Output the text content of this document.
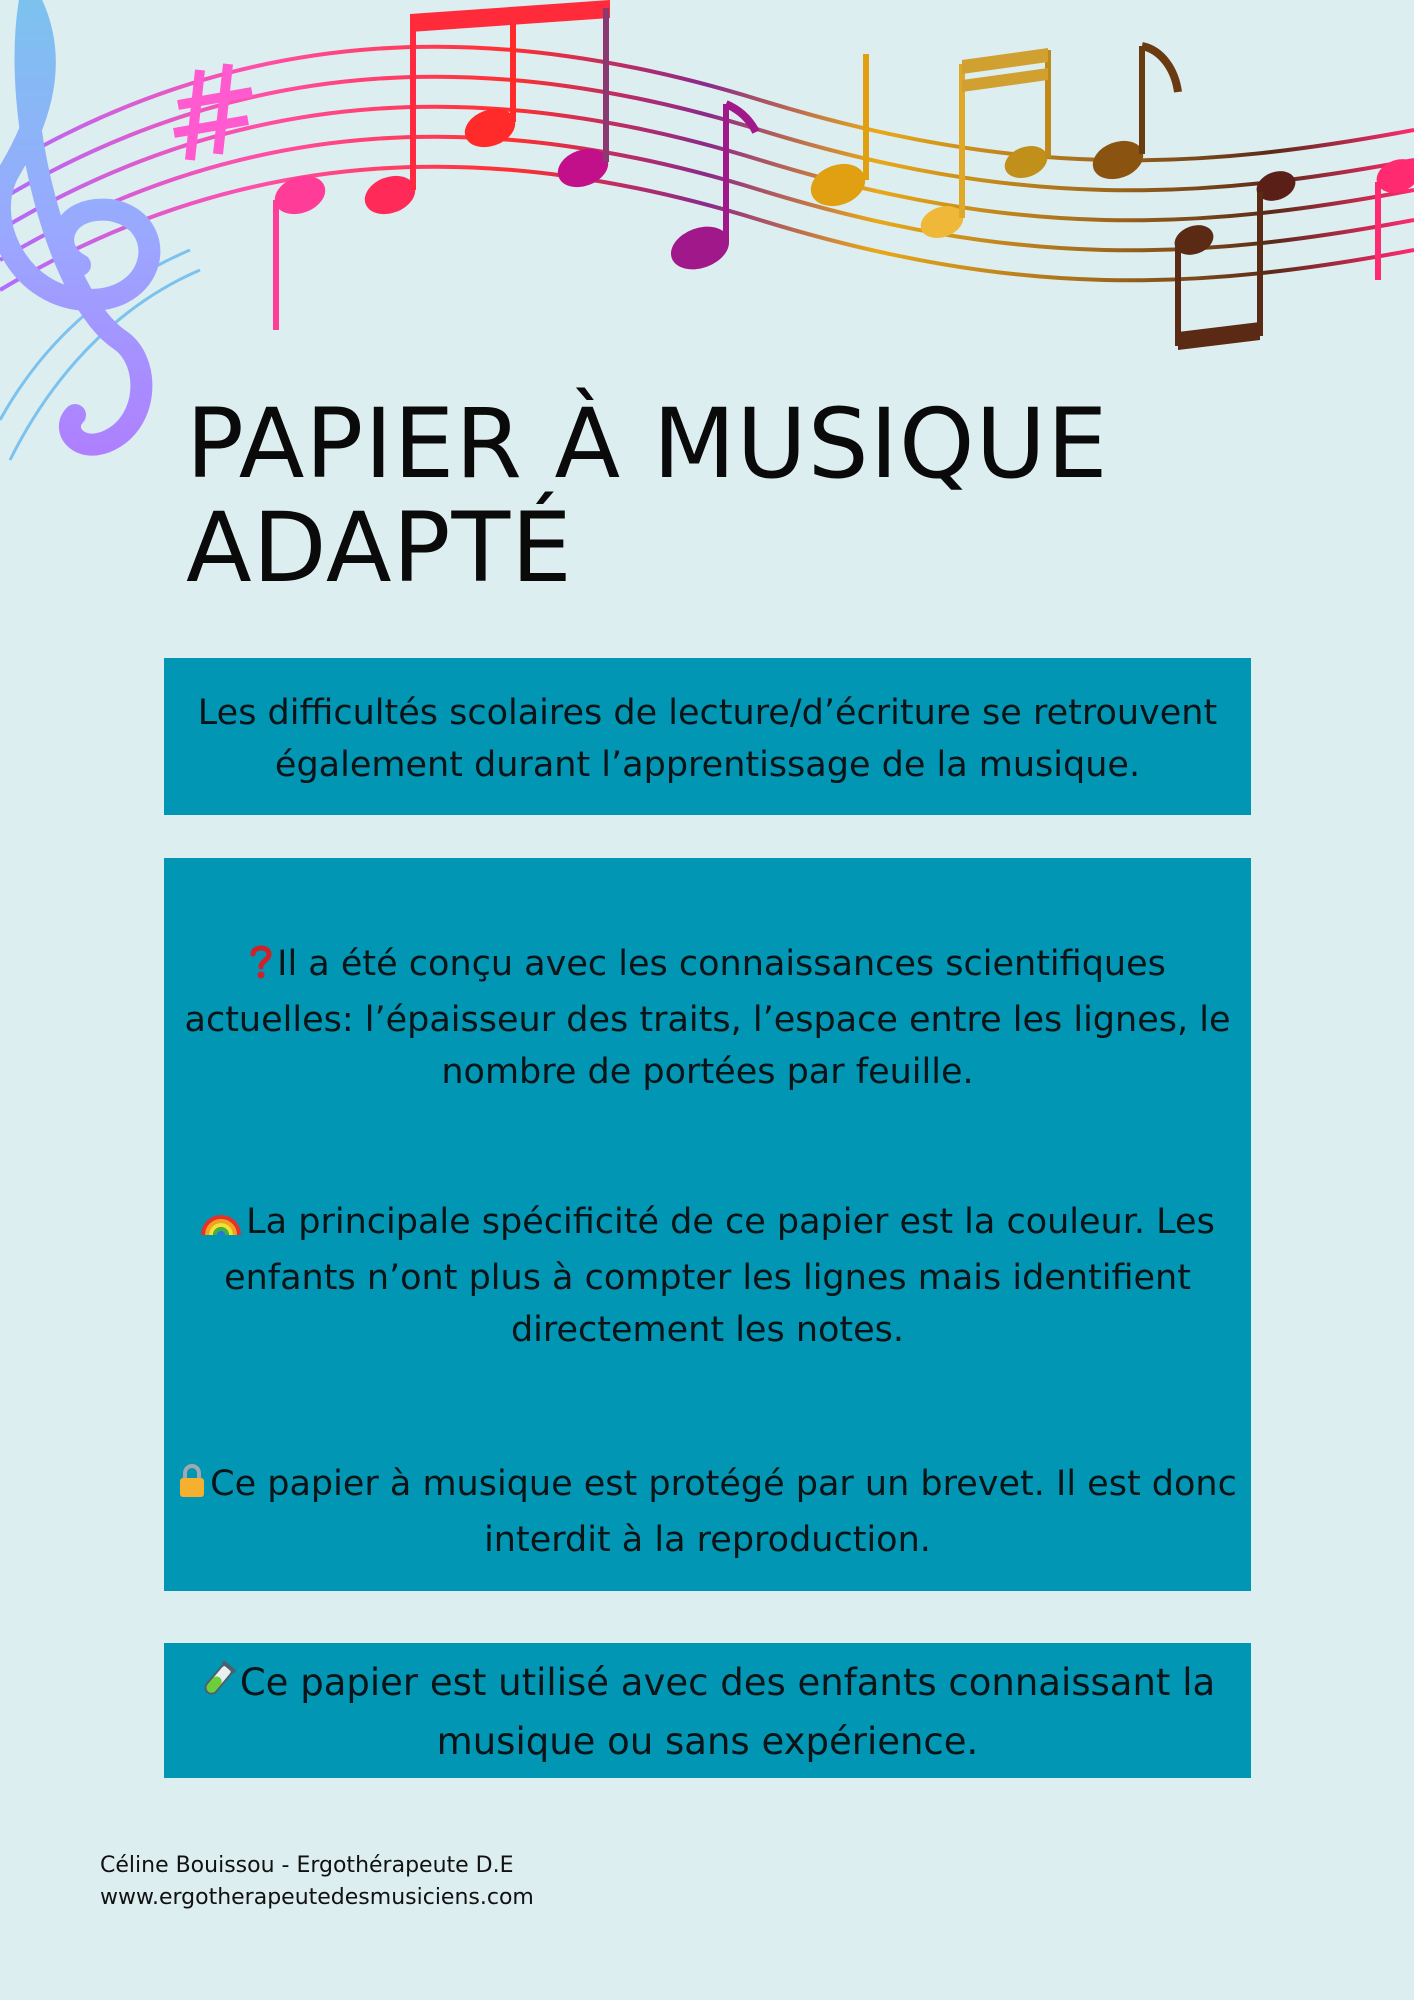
PAPIER À MUSIQUE
ADAPTÉ

Les difficultés scolaires de lecture/d’écriture se retrouvent également durant l’apprentissage de la musique.

Il a été conçu avec les connaissances scientifiques actuelles: l’épaisseur des traits, l’espace entre les lignes, le nombre de portées par feuille.

La principale spécificité de ce papier est la couleur. Les enfants n’ont plus à compter les lignes mais identifient directement les notes.

Ce papier à musique est protégé par un brevet. Il est donc interdit à la reproduction.

Ce papier est utilisé avec des enfants connaissant la musique ou sans expérience.

Céline Bouissou - Ergothérapeute D.E
www.ergotherapeutedesmusiciens.com
